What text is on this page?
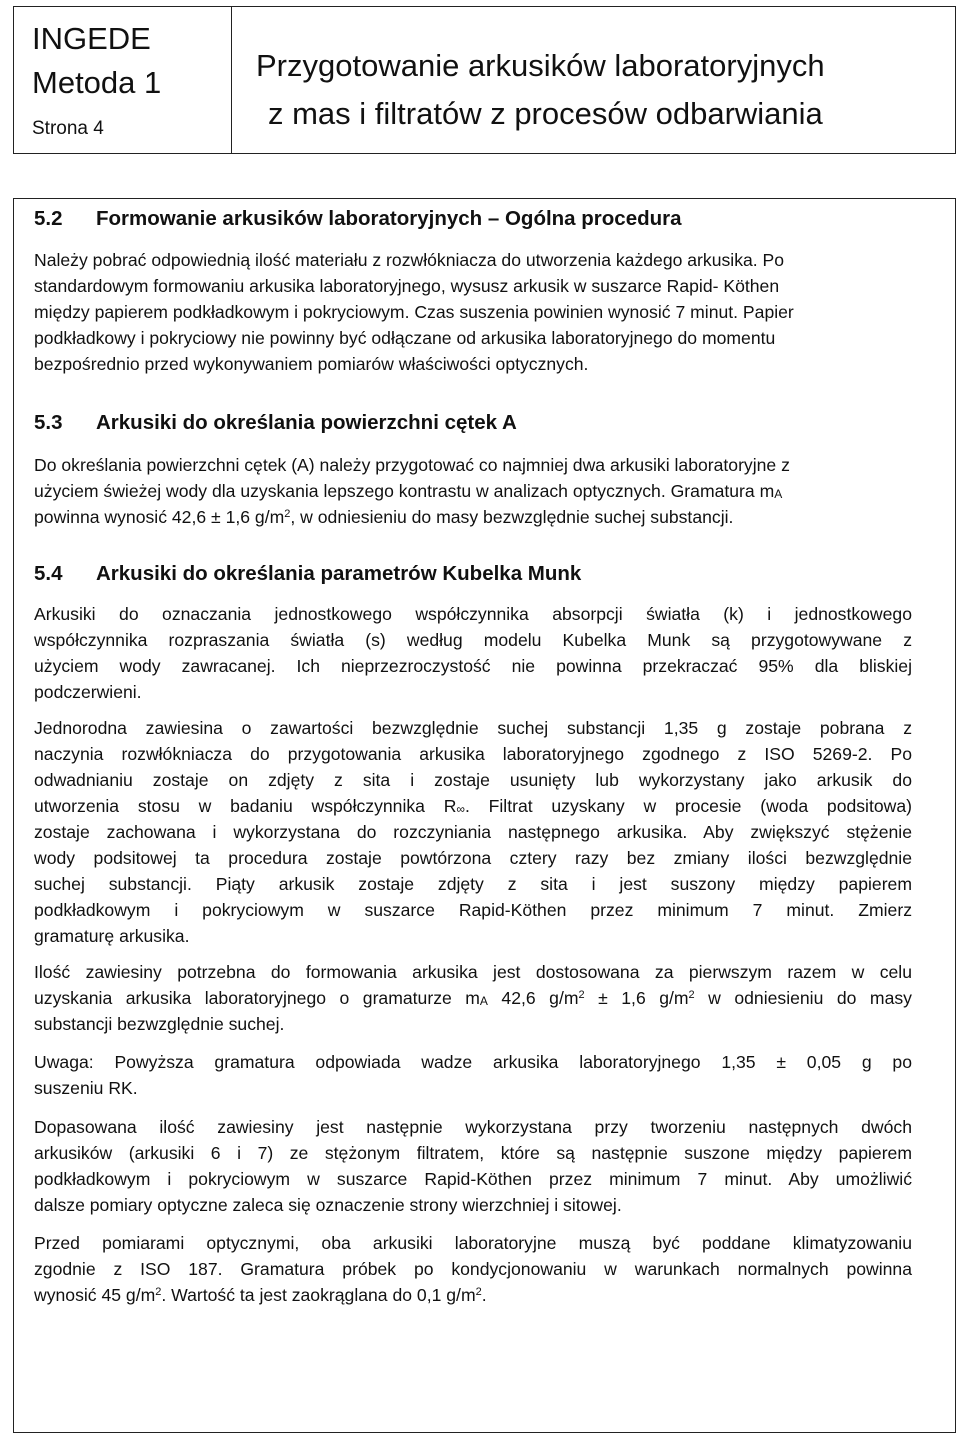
INGEDE
Metoda 1
Strona 4
Przygotowanie arkusików laboratoryjnych
z mas i filtratów z procesów odbarwiania
5.2 Formowanie arkusików laboratoryjnych – Ogólna procedura
Należy pobrać odpowiednią ilość materiału z rozwłókniacza do utworzenia każdego arkusika. Po
standardowym formowaniu arkusika laboratoryjnego, wysusz arkusik w suszarce Rapid- Köthen
między papierem podkładkowym i pokryciowym. Czas suszenia powinien wynosić 7 minut. Papier
podkładkowy i pokryciowy nie powinny być odłączane od arkusika laboratoryjnego do momentu
bezpośrednio przed wykonywaniem pomiarów właściwości optycznych.
5.3 Arkusiki do określania powierzchni cętek A
Do określania powierzchni cętek (A) należy przygotować co najmniej dwa arkusiki laboratoryjne z
użyciem świeżej wody dla uzyskania lepszego kontrastu w analizach optycznych. Gramatura $m_A$
powinna wynosić 42,6 ± 1,6 $g/m^2$, w odniesieniu do masy bezwzględnie suchej substancji.
5.4 Arkusiki do określania parametrów Kubelka Munk
Arkusiki do oznaczania jednostkowego współczynnika absorpcji światła (k) i jednostkowego
współczynnika rozpraszania światła (s) według modelu Kubelka Munk są przygotowywane z
użyciem wody zawracanej. Ich nieprzezroczystość nie powinna przekraczać 95% dla bliskiej
podczerwieni.
Jednorodna zawiesina o zawartości bezwzględnie suchej substancji 1,35 g zostaje pobrana z
naczynia rozwłókniacza do przygotowania arkusika laboratoryjnego zgodnego z ISO 5269-2. Po
odwadnianiu zostaje on zdjęty z sita i zostaje usunięty lub wykorzystany jako arkusik do
utworzenia stosu w badaniu współczynnika $R_\infty$. Filtrat uzyskany w procesie (woda podsitowa)
zostaje zachowana i wykorzystana do rozczyniania następnego arkusika. Aby zwiększyć stężenie
wody podsitowej ta procedura zostaje powtórzona cztery razy bez zmiany ilości bezwzględnie
suchej substancji. Piąty arkusik zostaje zdjęty z sita i jest suszony między papierem
podkładkowym i pokryciowym w suszarce Rapid-Köthen przez minimum 7 minut. Zmierz
gramaturę arkusika.
Ilość zawiesiny potrzebna do formowania arkusika jest dostosowana za pierwszym razem w celu
uzyskania arkusika laboratoryjnego o gramaturze $m_A$ 42,6 $g/m^2 \pm 1,6$ $g/m^2$ w odniesieniu do masy
substancji bezwzględnie suchej.
Uwaga: Powyższa gramatura odpowiada wadze arkusika laboratoryjnego 1,35 ± 0,05 g po
suszeniu RK.
Dopasowana ilość zawiesiny jest następnie wykorzystana przy tworzeniu następnych dwóch
arkusików (arkusiki 6 i 7) ze stężonym filtratem, które są następnie suszone między papierem
podkładkowym i pokryciowym w suszarce Rapid-Köthen przez minimum 7 minut. Aby umożliwić
dalsze pomiary optyczne zaleca się oznaczenie strony wierzchniej i sitowej.
Przed pomiarami optycznymi, oba arkusiki laboratoryjne muszą być poddane klimatyzowaniu
zgodnie z ISO 187. Gramatura próbek po kondycjonowaniu w warunkach normalnych powinna
wynosić 45 $g/m^2$. Wartość ta jest zaokrąglana do 0,1 $g/m^2$.
